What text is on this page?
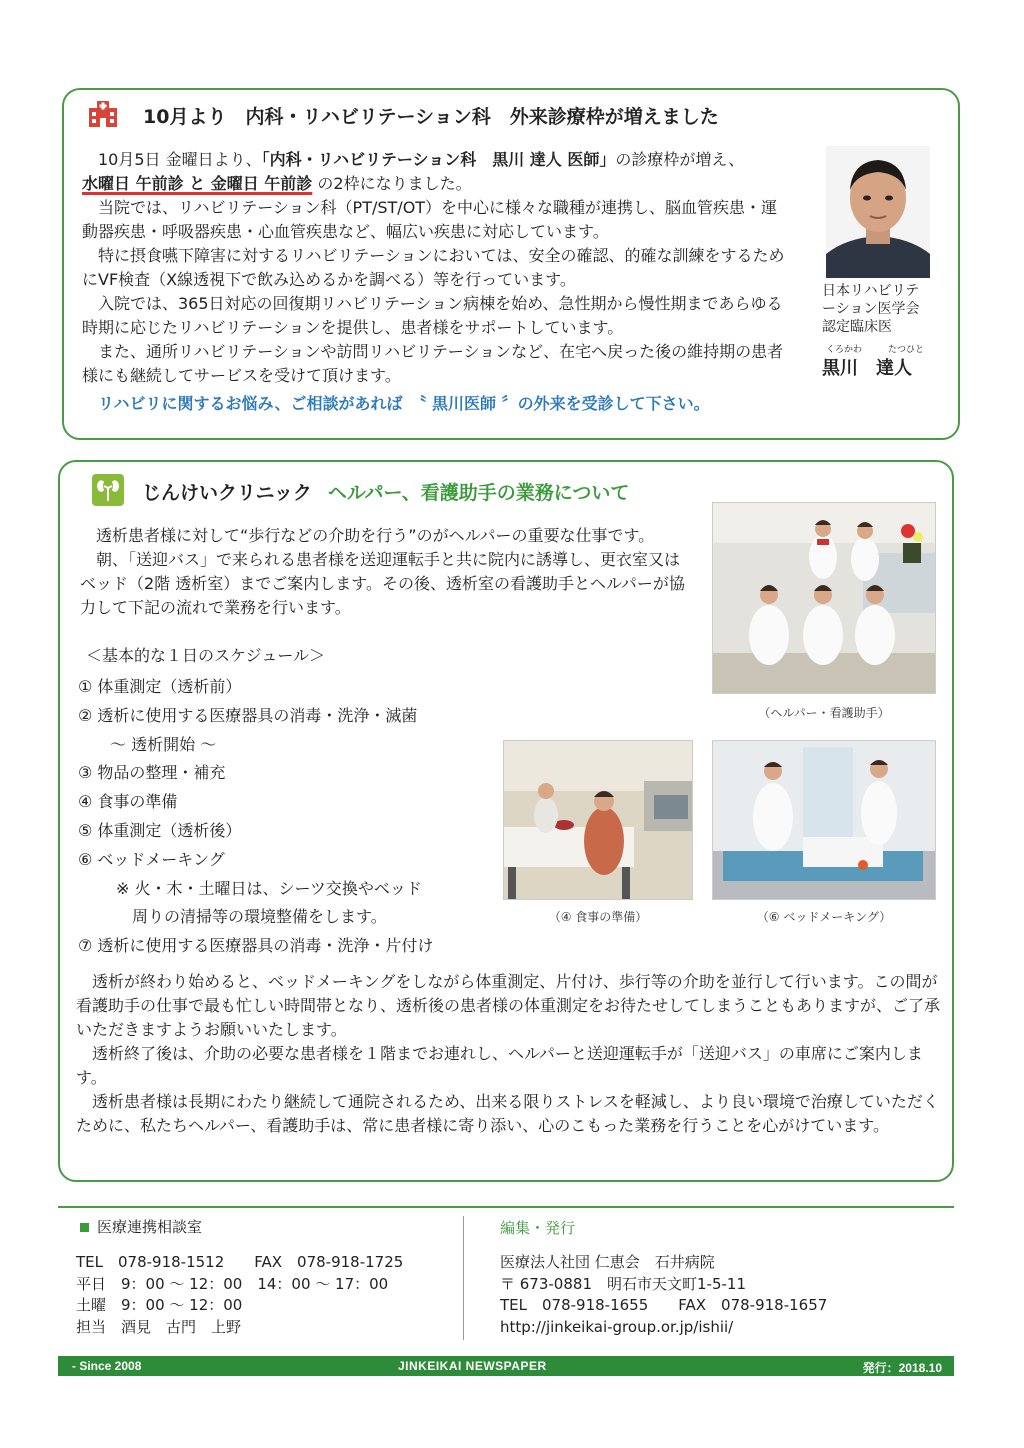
10月より　内科・リハビリテーション科　外来診療枠が増えました

10月5日 金曜日より、「内科・リハビリテーション科　黒川 達人 医師」の診療枠が増え、

水曜日 午前診 と 金曜日 午前診 の2枠になりました。

当院では、リハビリテーション科（PT/ST/OT）を中心に様々な職種が連携し、脳血管疾患・運動器疾患・呼吸器疾患・心血管疾患など、幅広い疾患に対応しています。

特に摂食嚥下障害に対するリハビリテーションにおいては、安全の確認、的確な訓練をするためにVF検査（X線透視下で飲み込めるかを調べる）等を行っています。

入院では、365日対応の回復期リハビリテーション病棟を始め、急性期から慢性期まであらゆる時期に応じたリハビリテーションを提供し、患者様をサポートしています。

また、通所リハビリテーションや訪問リハビリテーションなど、在宅へ戻った後の維持期の患者様にも継続してサービスを受けて頂けます。

リハビリに関するお悩み、ご相談があれば　〝 黒川医師 〞の外来を受診して下さい。
日本リハビリテ
ーション医学会
認定臨床医
くろかわ	たつひと
黒川　達人
じんけいクリニック ヘルパー、看護助手の業務について

透析患者様に対して“歩行などの介助を行う”のがヘルパーの重要な仕事です。

朝、「送迎バス」で来られる患者様を送迎運転手と共に院内に誘導し、更衣室又はベッド（2階 透析室）までご案内します。その後、透析室の看護助手とヘルパーが協力して下記の流れで業務を行います。

＜基本的な１日のスケジュール＞
① 体重測定（透析前）
② 透析に使用する医療器具の消毒・洗浄・滅菌
　　～ 透析開始 ～
③ 物品の整理・補充
④ 食事の準備
⑤ 体重測定（透析後）
⑥ ベッドメーキング
　※ 火・木・土曜日は、シーツ交換やベッド
　　周りの清掃等の環境整備をします。
⑦ 透析に使用する医療器具の消毒・洗浄・片付け
（ヘルパー・看護助手）
（④ 食事の準備）	（⑥ ベッドメーキング）

透析が終わり始めると、ベッドメーキングをしながら体重測定、片付け、歩行等の介助を並行して行います。この間が看護助手の仕事で最も忙しい時間帯となり、透析後の患者様の体重測定をお待たせしてしまうこともありますが、ご了承いただきますようお願いいたします。

透析終了後は、介助の必要な患者様を１階までお連れし、ヘルパーと送迎運転手が「送迎バス」の車席にご案内します。

透析患者様は長期にわたり継続して通院されるため、出来る限りストレスを軽減し、より良い環境で治療していただくために、私たちヘルパー、看護助手は、常に患者様に寄り添い、心のこもった業務を行うことを心がけています。

医療連携相談室
TEL　078-918-1512　　FAX　078-918-1725
平日　9：00 ～ 12：00　14：00 ～ 17：00
土曜　9：00 ～ 12：00
担当　酒見　古門　上野
編集・発行
医療法人社団 仁恵会　石井病院
〒 673-0881　明石市天文町1-5-11
TEL　078-918-1655　　FAX　078-918-1657
http://jinkeikai-group.or.jp/ishii/
- Since 2008	JINKEIKAI NEWSPAPER	発行：2018.10
